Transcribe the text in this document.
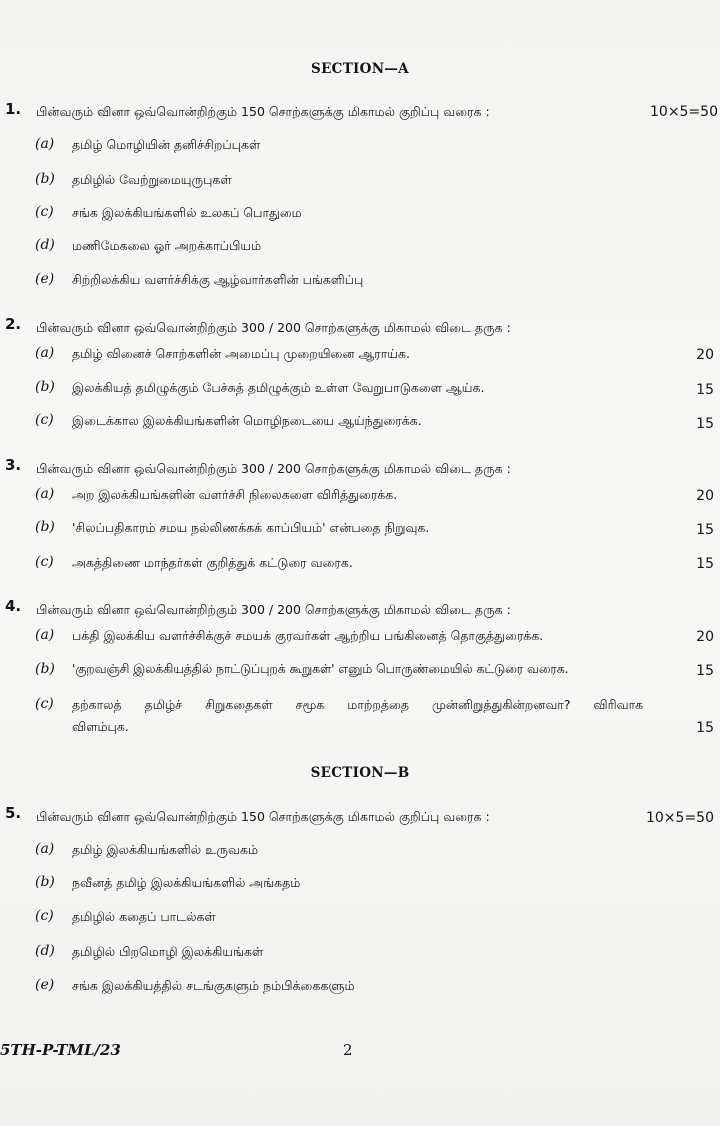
SECTION—A
1. பின்வரும் வினா ஒவ்வொன்றிற்கும் 150 சொற்களுக்கு மிகாமல் குறிப்பு வரைக :	10×5=50
(a) தமிழ் மொழியின் தனிச்சிறப்புகள்
(b) தமிழில் வேற்றுமையுருபுகள்
(c) சங்க இலக்கியங்களில் உலகப் பொதுமை
(d) மணிமேகலை ஓர் அறக்காப்பியம்
(e) சிற்றிலக்கிய வளர்ச்சிக்கு ஆழ்வார்களின் பங்களிப்பு
2. பின்வரும் வினா ஒவ்வொன்றிற்கும் 300 / 200 சொற்களுக்கு மிகாமல் விடை தருக :
(a) தமிழ் வினைச் சொற்களின் அமைப்பு முறையினை ஆராய்க.	20
(b) இலக்கியத் தமிழுக்கும் பேச்சுத் தமிழுக்கும் உள்ள வேறுபாடுகளை ஆய்க.	15
(c) இடைக்கால இலக்கியங்களின் மொழிநடையை ஆய்ந்துரைக்க.	15
3. பின்வரும் வினா ஒவ்வொன்றிற்கும் 300 / 200 சொற்களுக்கு மிகாமல் விடை தருக :
(a) அற இலக்கியங்களின் வளர்ச்சி நிலைகளை விரித்துரைக்க.	20
(b) 'சிலப்பதிகாரம் சமய நல்லிணக்கக் காப்பியம்' என்பதை நிறுவுக.	15
(c) அகத்திணை மாந்தர்கள் குறித்துக் கட்டுரை வரைக.	15
4. பின்வரும் வினா ஒவ்வொன்றிற்கும் 300 / 200 சொற்களுக்கு மிகாமல் விடை தருக :
(a) பக்தி இலக்கிய வளர்ச்சிக்குச் சமயக் குரவர்கள் ஆற்றிய பங்கினைத் தொகுத்துரைக்க.	20
(b) 'குறவஞ்சி இலக்கியத்தில் நாட்டுப்புறக் கூறுகள்' எனும் பொருண்மையில் கட்டுரை வரைக.	15
(c) தற்காலத் தமிழ்ச் சிறுகதைகள் சமூக மாற்றத்தை முன்னிறுத்துகின்றனவா? விரிவாக
விளம்புக.	15
SECTION—B
5. பின்வரும் வினா ஒவ்வொன்றிற்கும் 150 சொற்களுக்கு மிகாமல் குறிப்பு வரைக :	10×5=50
(a) தமிழ் இலக்கியங்களில் உருவகம்
(b) நவீனத் தமிழ் இலக்கியங்களில் அங்கதம்
(c) தமிழில் கதைப் பாடல்கள்
(d) தமிழில் பிறமொழி இலக்கியங்கள்
(e) சங்க இலக்கியத்தில் சடங்குகளும் நம்பிக்கைகளும்
5TH-P-TML/23	2
